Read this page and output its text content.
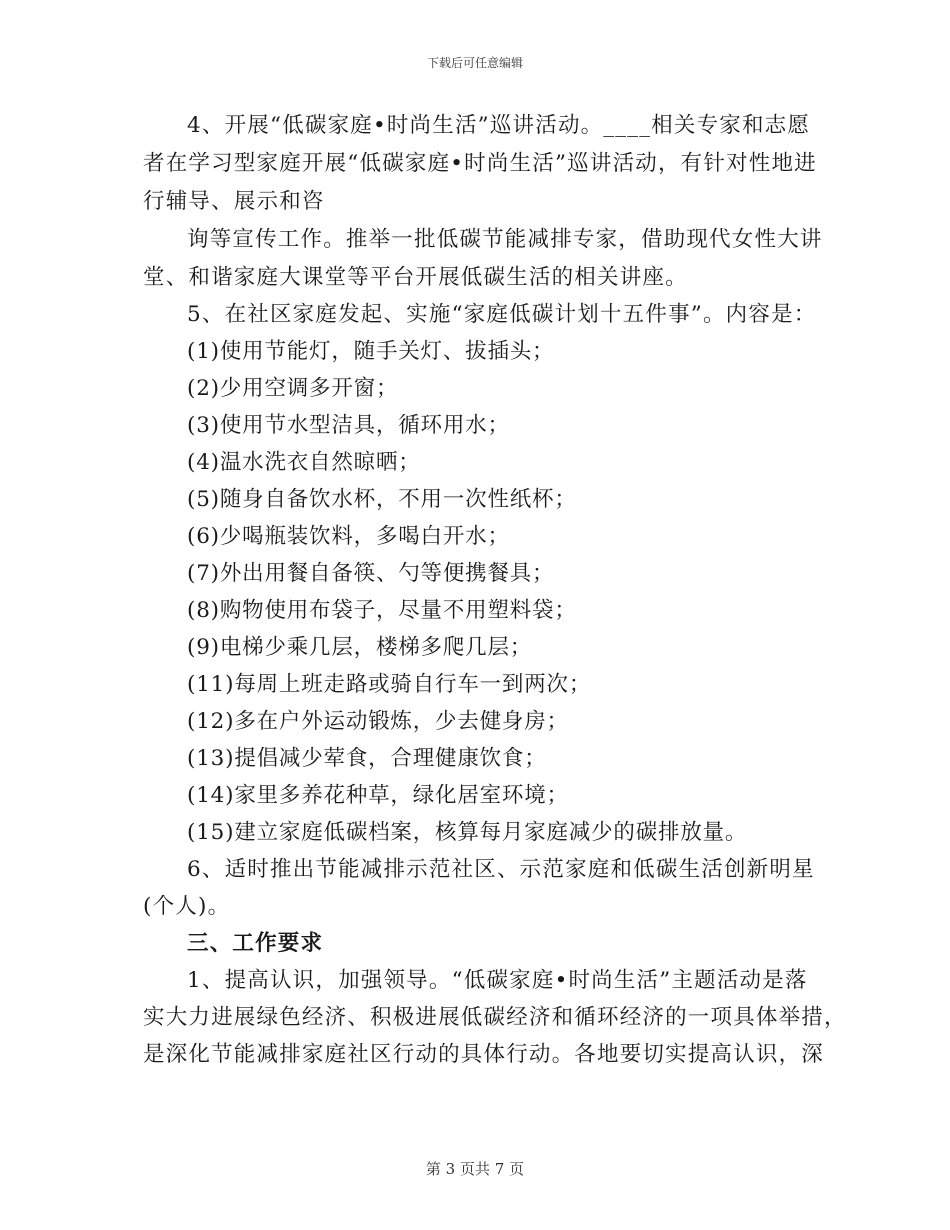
下载后可任意编辑
4、开展“低碳家庭•时尚生活”巡讲活动。____相关专家和志愿
者在学习型家庭开展“低碳家庭•时尚生活”巡讲活动，有针对性地进
行辅导、展示和咨
询等宣传工作。推举一批低碳节能减排专家，借助现代女性大讲
堂、和谐家庭大课堂等平台开展低碳生活的相关讲座。
5、在社区家庭发起、实施“家庭低碳计划十五件事”。内容是：
(1)使用节能灯，随手关灯、拔插头；
(2)少用空调多开窗；
(3)使用节水型洁具，循环用水；
(4)温水洗衣自然晾晒；
(5)随身自备饮水杯，不用一次性纸杯；
(6)少喝瓶装饮料，多喝白开水；
(7)外出用餐自备筷、勺等便携餐具；
(8)购物使用布袋子，尽量不用塑料袋；
(9)电梯少乘几层，楼梯多爬几层；
(11)每周上班走路或骑自行车一到两次；
(12)多在户外运动锻炼，少去健身房；
(13)提倡减少荤食，合理健康饮食；
(14)家里多养花种草，绿化居室环境；
(15)建立家庭低碳档案，核算每月家庭减少的碳排放量。
6、适时推出节能减排示范社区、示范家庭和低碳生活创新明星
(个人)。
三、工作要求
1、提高认识，加强领导。“低碳家庭•时尚生活”主题活动是落
实大力进展绿色经济、积极进展低碳经济和循环经济的一项具体举措，
是深化节能减排家庭社区行动的具体行动。各地要切实提高认识，深
第 3 页共 7 页
